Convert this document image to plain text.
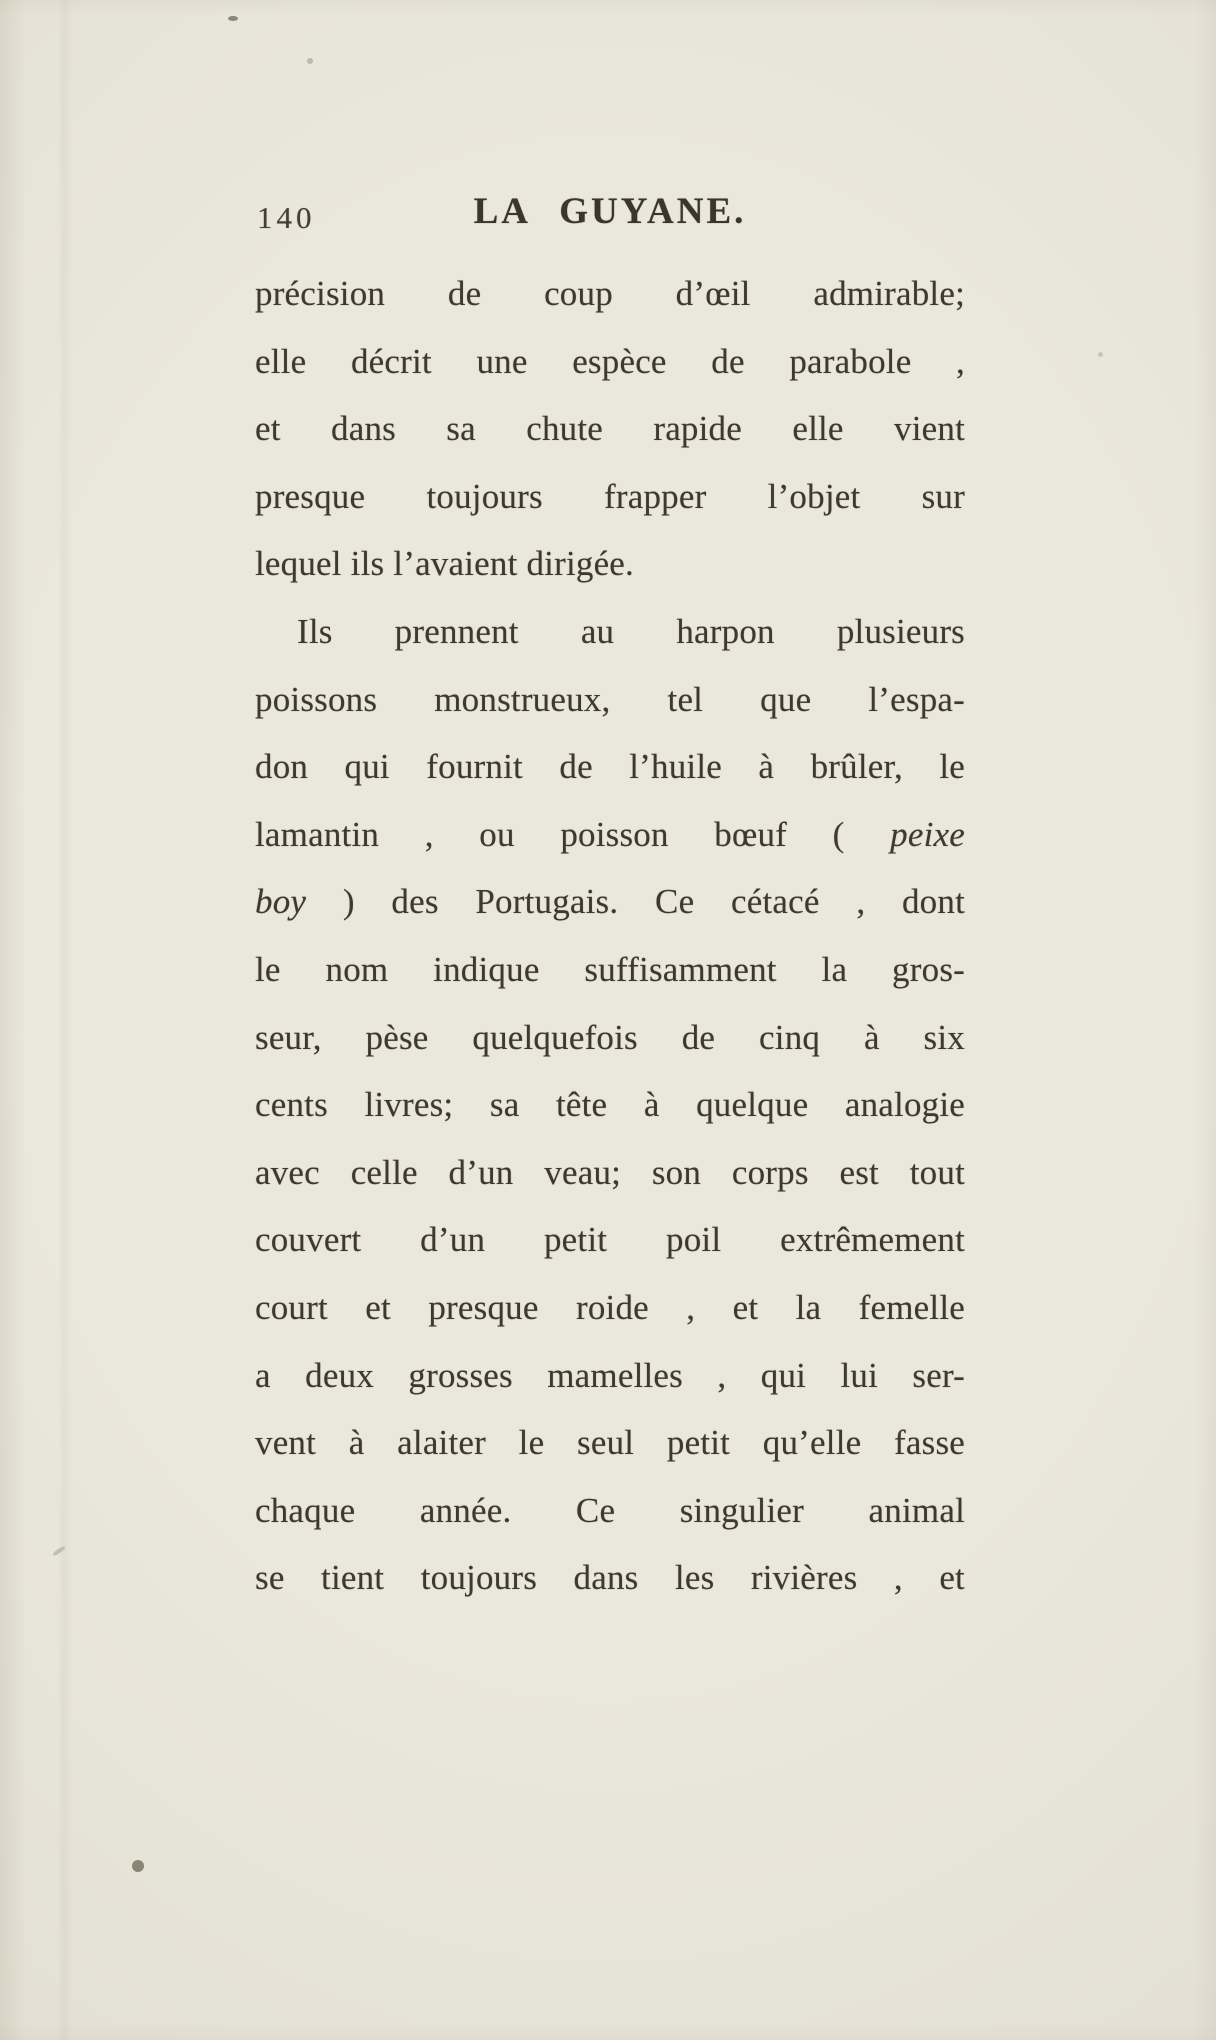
140	LA GUYANE.
précision de coup d’œil admirable;
elle décrit une espèce de parabole ,
et dans sa chute rapide elle vient
presque toujours frapper l’objet sur
lequel ils l’avaient dirigée.
Ils prennent au harpon plusieurs
poissons monstrueux, tel que l’espa-
don qui fournit de l’huile à brûler, le
lamantin , ou poisson bœuf ( peixe
boy ) des Portugais. Ce cétacé , dont
le nom indique suffisamment la gros-
seur, pèse quelquefois de cinq à six
cents livres; sa tête à quelque analogie
avec celle d’un veau; son corps est tout
couvert d’un petit poil extrêmement
court et presque roide , et la femelle
a deux grosses mamelles , qui lui ser-
vent à alaiter le seul petit qu’elle fasse
chaque année. Ce singulier animal
se tient toujours dans les rivières , et
